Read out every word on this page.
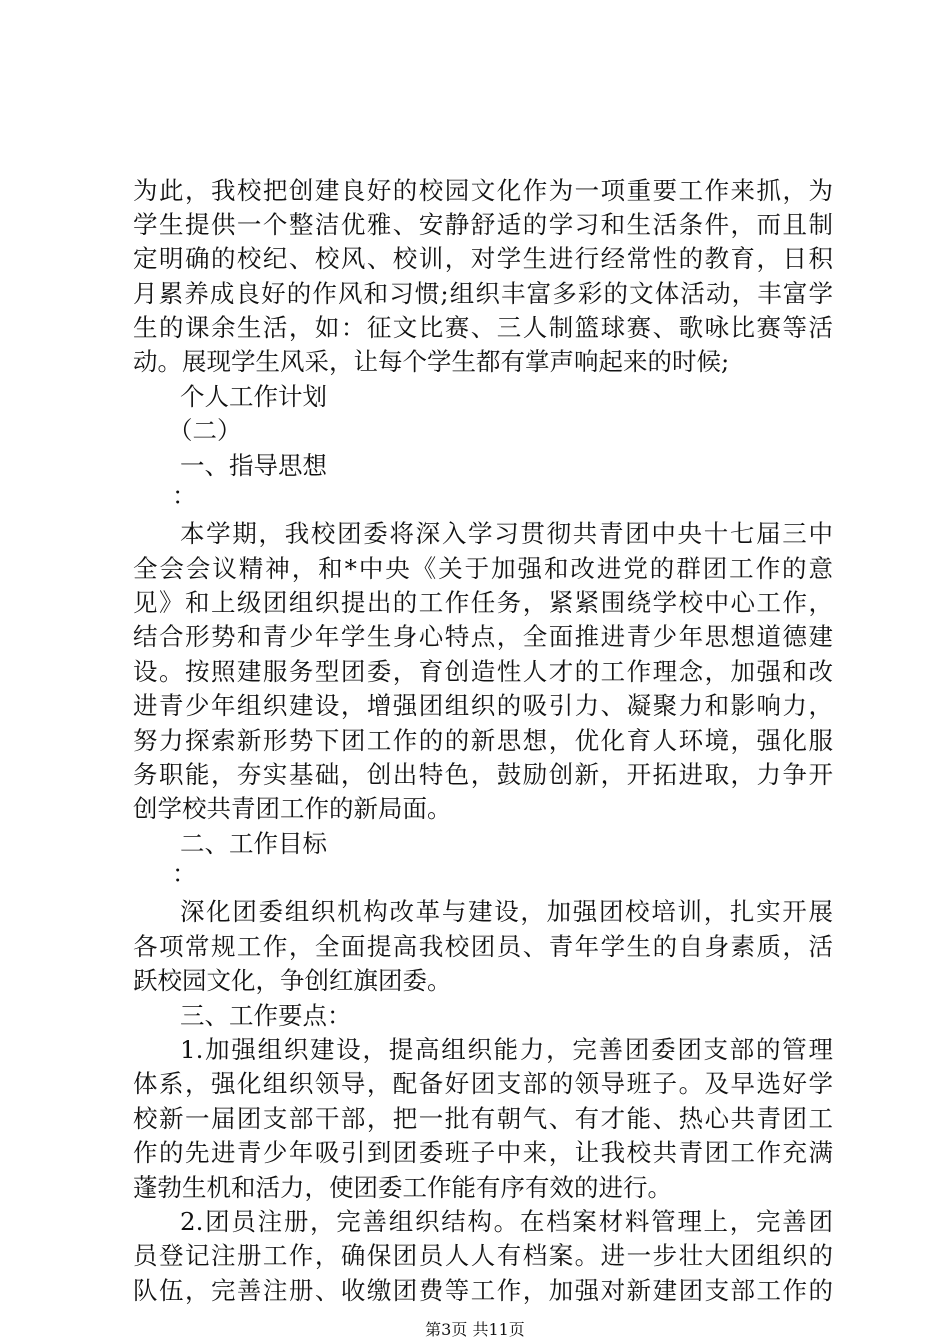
为此，我校把创建良好的校园文化作为一项重要工作来抓，为
学生提供一个整洁优雅、安静舒适的学习和生活条件，而且制
定明确的校纪、校风、校训，对学生进行经常性的教育，日积
月累养成良好的作风和习惯;组织丰富多彩的文体活动，丰富学
生的课余生活，如：征文比赛、三人制篮球赛、歌咏比赛等活
动。展现学生风采，让每个学生都有掌声响起来的时候;
个人工作计划
（二）
一、指导思想
：
本学期，我校团委将深入学习贯彻共青团中央十七届三中
全会会议精神，和*中央《关于加强和改进党的群团工作的意
见》和上级团组织提出的工作任务，紧紧围绕学校中心工作，
结合形势和青少年学生身心特点，全面推进青少年思想道德建
设。按照建服务型团委，育创造性人才的工作理念，加强和改
进青少年组织建设，增强团组织的吸引力、凝聚力和影响力，
努力探索新形势下团工作的的新思想，优化育人环境，强化服
务职能，夯实基础，创出特色，鼓励创新，开拓进取，力争开
创学校共青团工作的新局面。
二、工作目标
：
深化团委组织机构改革与建设，加强团校培训，扎实开展
各项常规工作，全面提高我校团员、青年学生的自身素质，活
跃校园文化，争创红旗团委。
三、工作要点：
1.加强组织建设，提高组织能力，完善团委团支部的管理
体系，强化组织领导，配备好团支部的领导班子。及早选好学
校新一届团支部干部，把一批有朝气、有才能、热心共青团工
作的先进青少年吸引到团委班子中来，让我校共青团工作充满
蓬勃生机和活力，使团委工作能有序有效的进行。
2.团员注册，完善组织结构。在档案材料管理上，完善团
员登记注册工作，确保团员人人有档案。进一步壮大团组织的
队伍，完善注册、收缴团费等工作，加强对新建团支部工作的
第3页 共11页
